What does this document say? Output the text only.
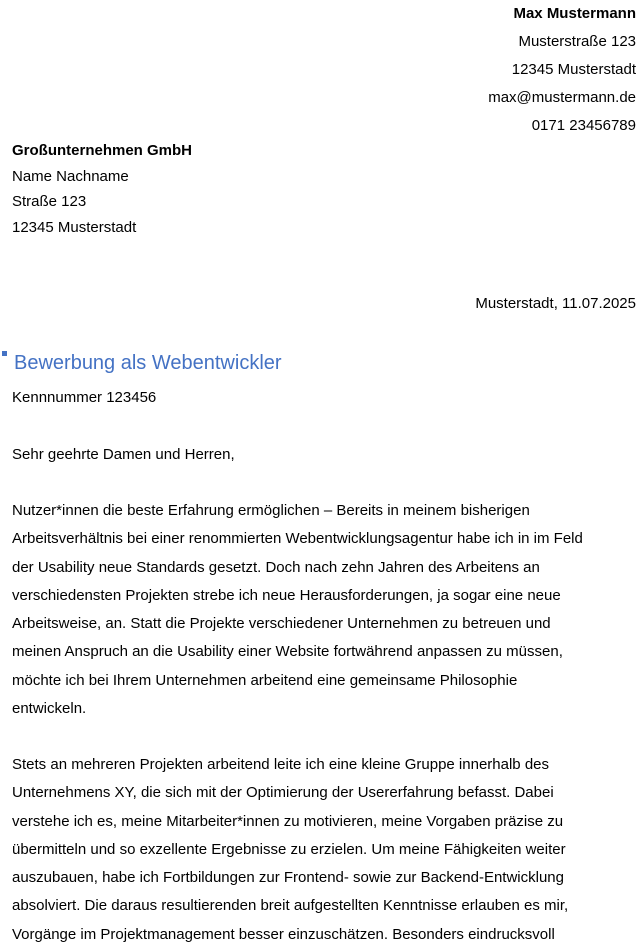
Max Mustermann
Musterstraße 123
12345 Musterstadt
max@mustermann.de
0171 23456789
Großunternehmen GmbH
Name Nachname
Straße 123
12345 Musterstadt
Musterstadt, 11.07.2025
Bewerbung als Webentwickler
Kennnummer 123456
Sehr geehrte Damen und Herren,

Nutzer*innen die beste Erfahrung ermöglichen – Bereits in meinem bisherigen
Arbeitsverhältnis bei einer renommierten Webentwicklungsagentur habe ich in im Feld
der Usability neue Standards gesetzt. Doch nach zehn Jahren des Arbeitens an
verschiedensten Projekten strebe ich neue Herausforderungen, ja sogar eine neue
Arbeitsweise, an. Statt die Projekte verschiedener Unternehmen zu betreuen und
meinen Anspruch an die Usability einer Website fortwährend anpassen zu müssen,
möchte ich bei Ihrem Unternehmen arbeitend eine gemeinsame Philosophie
entwickeln.

Stets an mehreren Projekten arbeitend leite ich eine kleine Gruppe innerhalb des
Unternehmens XY, die sich mit der Optimierung der Usererfahrung befasst. Dabei
verstehe ich es, meine Mitarbeiter*innen zu motivieren, meine Vorgaben präzise zu
übermitteln und so exzellente Ergebnisse zu erzielen. Um meine Fähigkeiten weiter
auszubauen, habe ich Fortbildungen zur Frontend- sowie zur Backend-Entwicklung
absolviert. Die daraus resultierenden breit aufgestellten Kenntnisse erlauben es mir,
Vorgänge im Projektmanagement besser einzuschätzen. Besonders eindrucksvoll
